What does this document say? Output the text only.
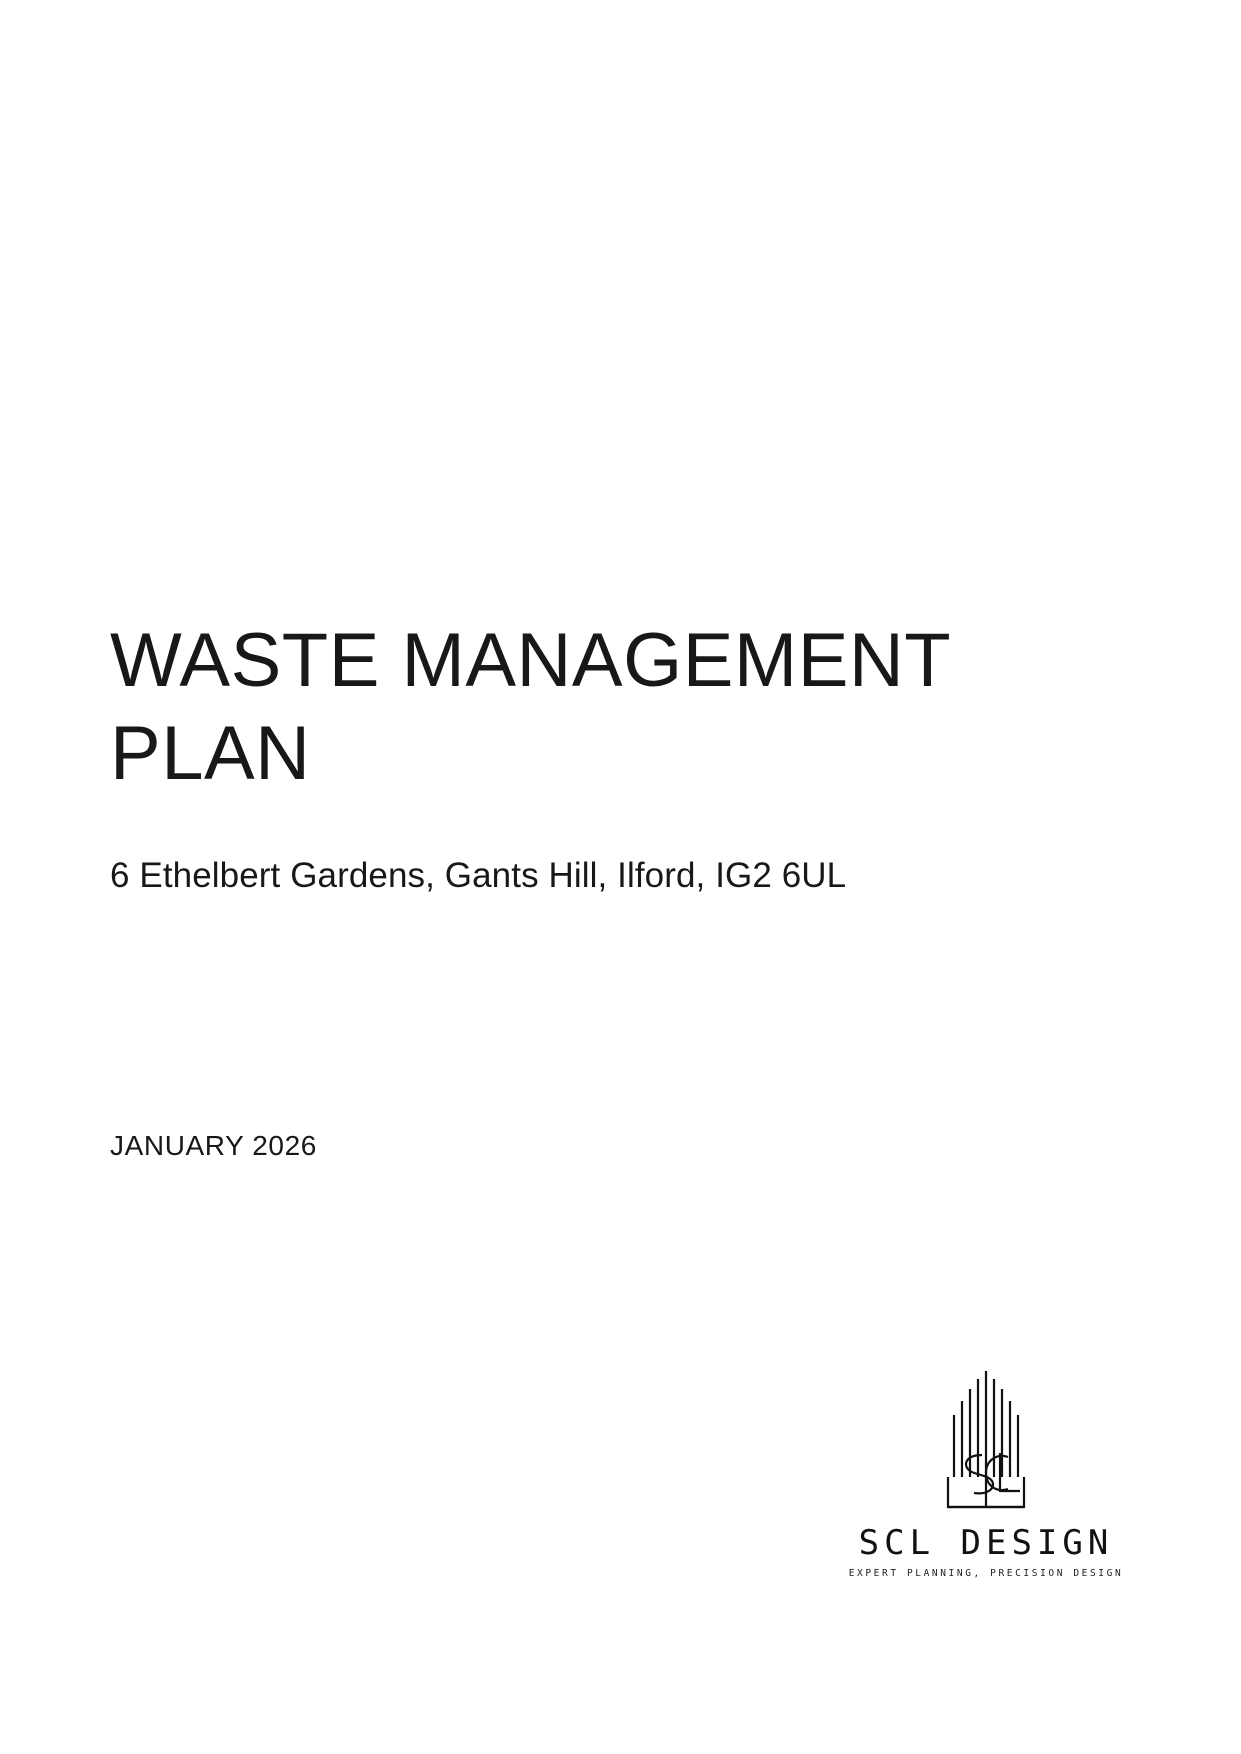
WASTE MANAGEMENT PLAN
6 Ethelbert Gardens, Gants Hill, Ilford, IG2 6UL
JANUARY 2026
SCL DESIGN
EXPERT PLANNING, PRECISION DESIGN
